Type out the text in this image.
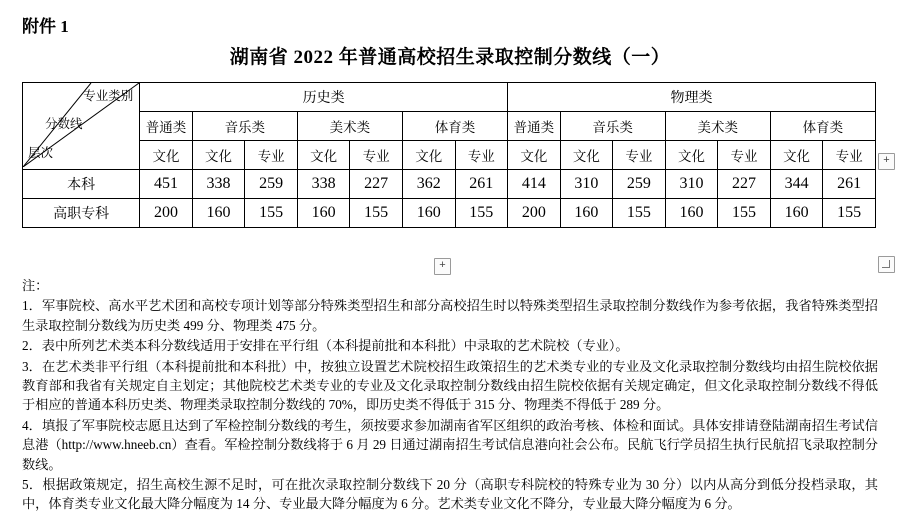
附件 1
湖南省 2022 年普通高校招生录取控制分数线（一）
专业类别
分数线
层次	历史类							物理类						
	普通类	音乐类		美术类		体育类		普通类	音乐类		美术类		体育类	
	文化	文化	专业	文化	专业	文化	专业	文化	文化	专业	文化	专业	文化	专业
本科	451	338	259	338	227	362	261	414	310	259	310	227	344	261
高职专科	200	160	155	160	155	160	155	200	160	155	160	155	160	155
+
+

注：

1．军事院校、高水平艺术团和高校专项计划等部分特殊类型招生和部分高校招生时以特殊类型招生录取控制分数线作为参考依据，我省特殊类型招生录取控制分数线为历史类 499 分、物理类 475 分。

2．表中所列艺术类本科分数线适用于安排在平行组（本科提前批和本科批）中录取的艺术院校（专业）。

3．在艺术类非平行组（本科提前批和本科批）中，按独立设置艺术院校招生政策招生的艺术类专业的专业及文化录取控制分数线均由招生院校依据教育部和我省有关规定自主划定；其他院校艺术类专业的专业及文化录取控制分数线由招生院校依据有关规定确定，但文化录取控制分数线不得低于相应的普通本科历史类、物理类录取控制分数线的 70%，即历史类不得低于 315 分、物理类不得低于 289 分。

4．填报了军事院校志愿且达到了军检控制分数线的考生，须按要求参加湖南省军区组织的政治考核、体检和面试。具体安排请登陆湖南招生考试信息港（http://www.hneeb.cn）查看。军检控制分数线将于 6 月 29 日通过湖南招生考试信息港向社会公布。民航飞行学员招生执行民航招飞录取控制分数线。

5．根据政策规定，招生高校生源不足时，可在批次录取控制分数线下 20 分（高职专科院校的特殊专业为 30 分）以内从高分到低分投档录取，其中，体育类专业文化最大降分幅度为 14 分、专业最大降分幅度为 6 分。艺术类专业文化不降分，专业最大降分幅度为 6 分。
